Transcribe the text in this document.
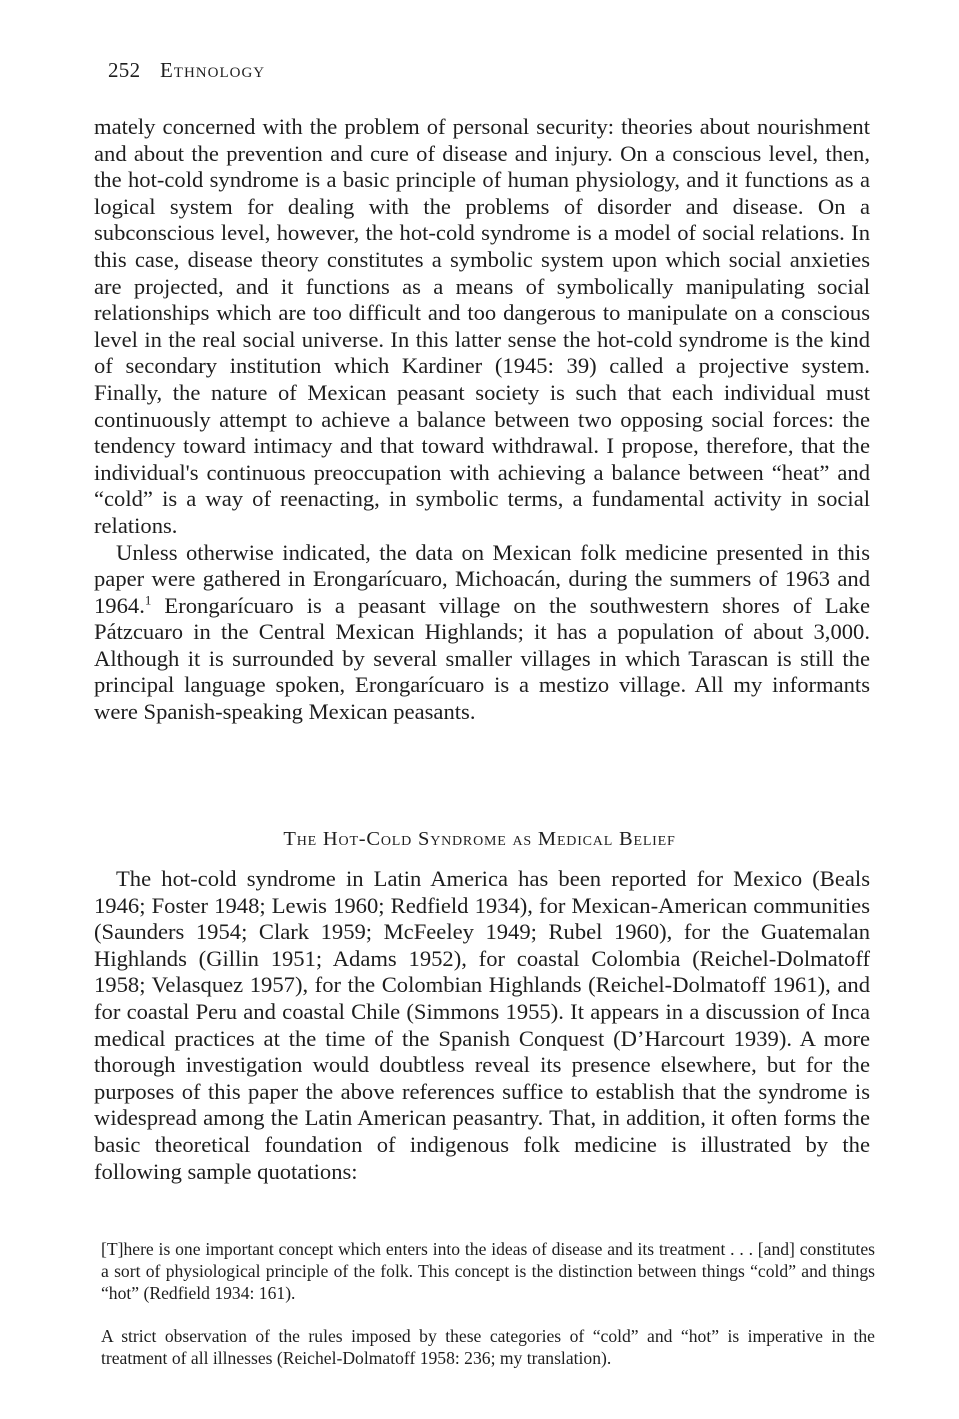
252 Ethnology

mately concerned with the problem of personal security: theories about nourishment and about the prevention and cure of disease and injury. On a conscious level, then, the hot-cold syndrome is a basic principle of human physiology, and it functions as a logical system for dealing with the problems of disorder and disease. On a subconscious level, however, the hot-cold syndrome is a model of social relations. In this case, disease theory constitutes a symbolic system upon which social anxieties are projected, and it functions as a means of symbolically manipulating social relationships which are too difficult and too dangerous to manipulate on a conscious level in the real social universe. In this latter sense the hot-cold syndrome is the kind of secondary institution which Kardiner (1945: 39) called a projective system. Finally, the nature of Mexican peasant society is such that each individual must continuously attempt to achieve a balance between two opposing social forces: the tendency toward intimacy and that toward withdrawal. I propose, therefore, that the individual's continuous preoccupation with achieving a balance between “heat” and “cold” is a way of reenacting, in symbolic terms, a fundamental activity in social relations.

Unless otherwise indicated, the data on Mexican folk medicine presented in this paper were gathered in Erongarícuaro, Michoacán, during the summers of 1963 and 1964.$^1$ Erongarícuaro is a peasant village on the southwestern shores of Lake Pátzcuaro in the Central Mexican Highlands; it has a population of about 3,000. Although it is surrounded by several smaller villages in which Tarascan is still the principal language spoken, Erongarícuaro is a mestizo village. All my informants were Spanish-speaking Mexican peasants.

The Hot-Cold Syndrome as Medical Belief

The hot-cold syndrome in Latin America has been reported for Mexico (Beals 1946; Foster 1948; Lewis 1960; Redfield 1934), for Mexican-American communities (Saunders 1954; Clark 1959; McFeeley 1949; Rubel 1960), for the Guatemalan Highlands (Gillin 1951; Adams 1952), for coastal Colombia (Reichel-Dolmatoff 1958; Velasquez 1957), for the Colombian Highlands (Reichel-Dolmatoff 1961), and for coastal Peru and coastal Chile (Simmons 1955). It appears in a discussion of Inca medical practices at the time of the Spanish Conquest (D’Harcourt 1939). A more thorough investigation would doubtless reveal its presence elsewhere, but for the purposes of this paper the above references suffice to establish that the syndrome is widespread among the Latin American peasantry. That, in addition, it often forms the basic theoretical foundation of indigenous folk medicine is illustrated by the following sample quotations:

[T]here is one important concept which enters into the ideas of disease and its treatment . . . [and] constitutes a sort of physiological principle of the folk. This concept is the distinction between things “cold” and things “hot” (Redfield 1934: 161).

A strict observation of the rules imposed by these categories of “cold” and “hot” is imperative in the treatment of all illnesses (Reichel-Dolmatoff 1958: 236; my translation).
